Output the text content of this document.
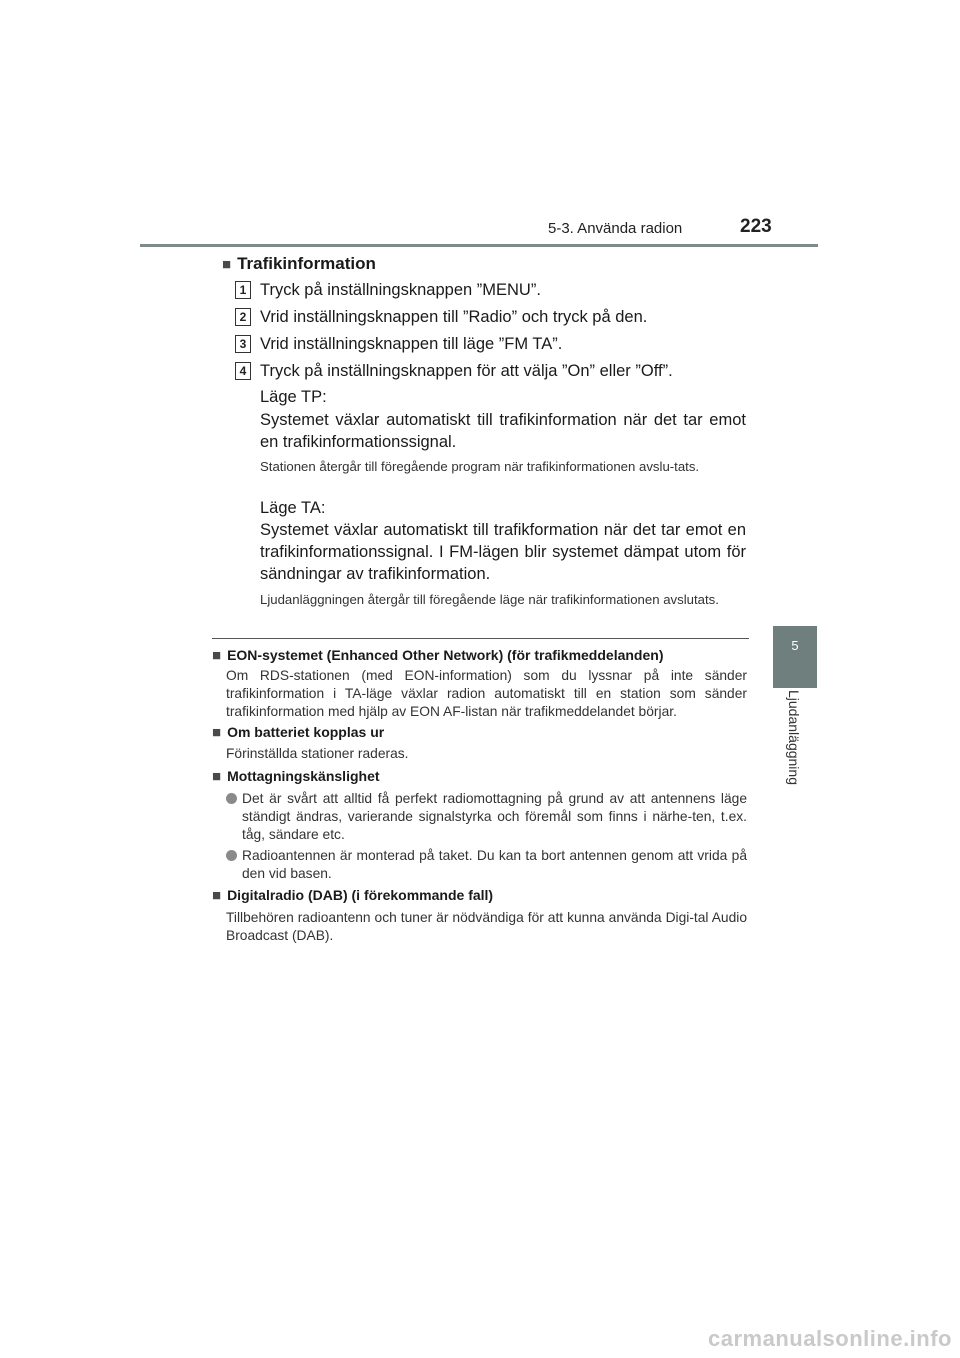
5-3. Använda radion	223
5
Ljudanläggning
■ Trafikinformation
1 Tryck på inställningsknappen ”MENU”.
2 Vrid inställningsknappen till ”Radio” och tryck på den.
3 Vrid inställningsknappen till läge ”FM TA”.
4 Tryck på inställningsknappen för att välja ”On” eller ”Off”.
Läge TP:
Systemet växlar automatiskt till trafikinformation när det tar emot en trafikinformationssignal.
Stationen återgår till föregående program när trafikinformationen avslu-tats.
Läge TA:
Systemet växlar automatiskt till trafikformation när det tar emot en trafikinformationssignal. I FM-lägen blir systemet dämpat utom för sändningar av trafikinformation.
Ljudanläggningen återgår till föregående läge när trafikinformationen avslutats.
■ EON-systemet (Enhanced Other Network) (för trafikmeddelanden)
Om RDS-stationen (med EON-information) som du lyssnar på inte sänder trafikinformation i TA-läge växlar radion automatiskt till en station som sänder trafikinformation med hjälp av EON AF-listan när trafikmeddelandet börjar.
■ Om batteriet kopplas ur
Förinställda stationer raderas.
■ Mottagningskänslighet
Det är svårt att alltid få perfekt radiomottagning på grund av att antennens läge ständigt ändras, varierande signalstyrka och föremål som finns i närhe-ten, t.ex. tåg, sändare etc.
Radioantennen är monterad på taket. Du kan ta bort antennen genom att vrida på den vid basen.
■ Digitalradio (DAB) (i förekommande fall)
Tillbehören radioantenn och tuner är nödvändiga för att kunna använda Digi-tal Audio Broadcast (DAB).
carmanualsonline.info
